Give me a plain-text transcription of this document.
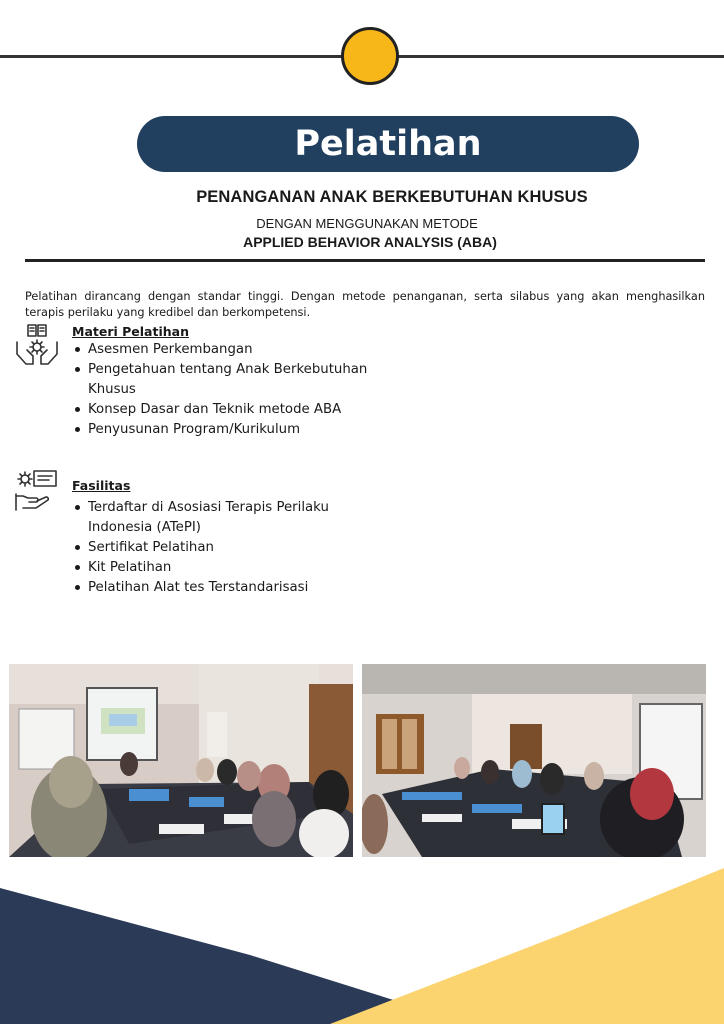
Pelatihan
PENANGANAN ANAK BERKEBUTUHAN KHUSUS
DENGAN MENGGUNAKAN METODE
APPLIED BEHAVIOR ANALYSIS (ABA)

Pelatihan dirancang dengan standar tinggi. Dengan metode penanganan, serta silabus yang akan menghasilkan terapis perilaku yang kredibel dan berkompetensi.

Materi Pelatihan
Asesmen Perkembangan
Pengetahuan tentang Anak Berkebutuhan Khusus
Konsep Dasar dan Teknik metode ABA
Penyusunan Program/Kurikulum
Fasilitas
Terdaftar di Asosiasi Terapis Perilaku Indonesia (ATePI)
Sertifikat Pelatihan
Kit Pelatihan
Pelatihan Alat tes Terstandarisasi
